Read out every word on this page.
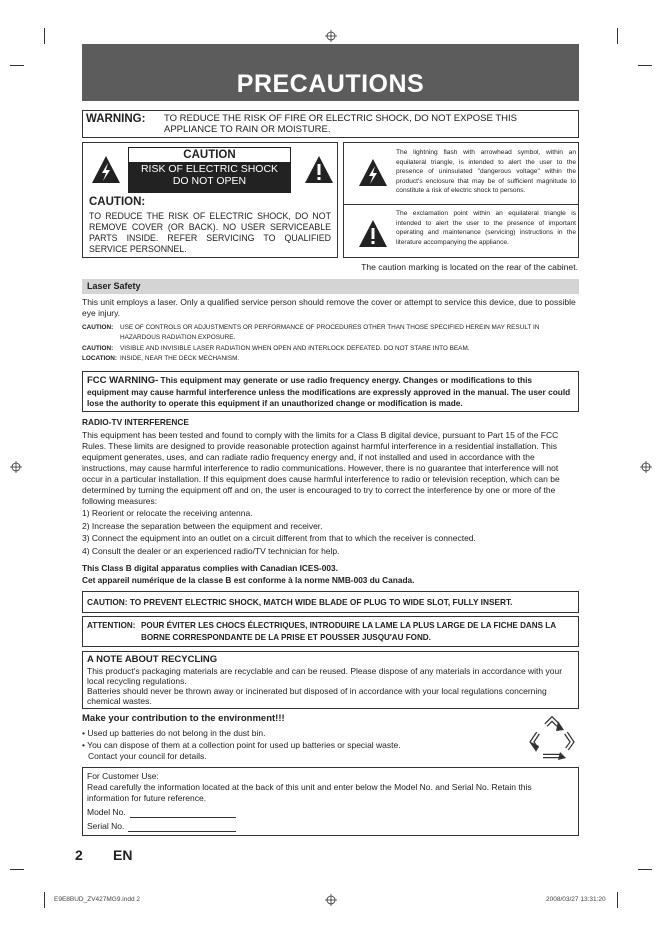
PRECAUTIONS
WARNING: TO REDUCE THE RISK OF FIRE OR ELECTRIC SHOCK, DO NOT EXPOSE THIS APPLIANCE TO RAIN OR MOISTURE.
CAUTION
RISK OF ELECTRIC SHOCK
DO NOT OPEN
CAUTION:
TO REDUCE THE RISK OF ELECTRIC SHOCK, DO NOT REMOVE COVER (OR BACK). NO USER SERVICEABLE PARTS INSIDE. REFER SERVICING TO QUALIFIED SERVICE PERSONNEL.
The lightning flash with arrowhead symbol, within an equilateral triangle, is intended to alert the user to the presence of uninsulated "dangerous voltage" within the product's enclosure that may be of sufficient magnitude to constitute a risk of electric shock to persons.
The exclamation point within an equilateral triangle is intended to alert the user to the presence of important operating and maintenance (servicing) instructions in the literature accompanying the appliance.
The caution marking is located on the rear of the cabinet.
Laser Safety
This unit employs a laser. Only a qualified service person should remove the cover or attempt to service this device, due to possible eye injury.
CAUTION:	USE OF CONTROLS OR ADJUSTMENTS OR PERFORMANCE OF PROCEDURES OTHER THAN THOSE SPECIFIED HEREIN MAY RESULT IN HAZARDOUS RADIATION EXPOSURE.
CAUTION:	VISIBLE AND INVISIBLE LASER RADIATION WHEN OPEN AND INTERLOCK DEFEATED. DO NOT STARE INTO BEAM.
LOCATION: INSIDE, NEAR THE DECK MECHANISM.
FCC WARNING- This equipment may generate or use radio frequency energy. Changes or modifications to this equipment may cause harmful interference unless the modifications are expressly approved in the manual. The user could lose the authority to operate this equipment if an unauthorized change or modification is made.
RADIO-TV INTERFERENCE
This equipment has been tested and found to comply with the limits for a Class B digital device, pursuant to Part 15 of the FCC Rules. These limits are designed to provide reasonable protection against harmful interference in a residential installation. This equipment generates, uses, and can radiate radio frequency energy and, if not installed and used in accordance with the instructions, may cause harmful interference to radio communications. However, there is no guarantee that interference will not occur in a particular installation. If this equipment does cause harmful interference to radio or television reception, which can be determined by turning the equipment off and on, the user is encouraged to try to correct the interference by one or more of the following measures:
1) Reorient or relocate the receiving antenna.
2) Increase the separation between the equipment and receiver.
3) Connect the equipment into an outlet on a circuit different from that to which the receiver is connected.
4) Consult the dealer or an experienced radio/TV technician for help.
This Class B digital apparatus complies with Canadian ICES-003.
Cet appareil numérique de la classe B est conforme à la norme NMB-003 du Canada.
CAUTION: TO PREVENT ELECTRIC SHOCK, MATCH WIDE BLADE OF PLUG TO WIDE SLOT, FULLY INSERT.
ATTENTION: POUR ÉVITER LES CHOCS ÉLECTRIQUES, INTRODUIRE LA LAME LA PLUS LARGE DE LA FICHE DANS LA
BORNE CORRESPONDANTE DE LA PRISE ET POUSSER JUSQU'AU FOND.
A NOTE ABOUT RECYCLING
This product's packaging materials are recyclable and can be reused. Please dispose of any materials in accordance with your local recycling regulations.
Batteries should never be thrown away or incinerated but disposed of in accordance with your local regulations concerning chemical wastes.
Make your contribution to the environment!!!
• Used up batteries do not belong in the dust bin.
• You can dispose of them at a collection point for used up batteries or special waste.
Contact your council for details.
For Customer Use:
Read carefully the information located at the back of this unit and enter below the Model No. and Serial No. Retain this information for future reference.
Model No.
Serial No.
2 EN
E9E8BUD_ZV427MG9.indd 2	2008/03/27 13:31:20
